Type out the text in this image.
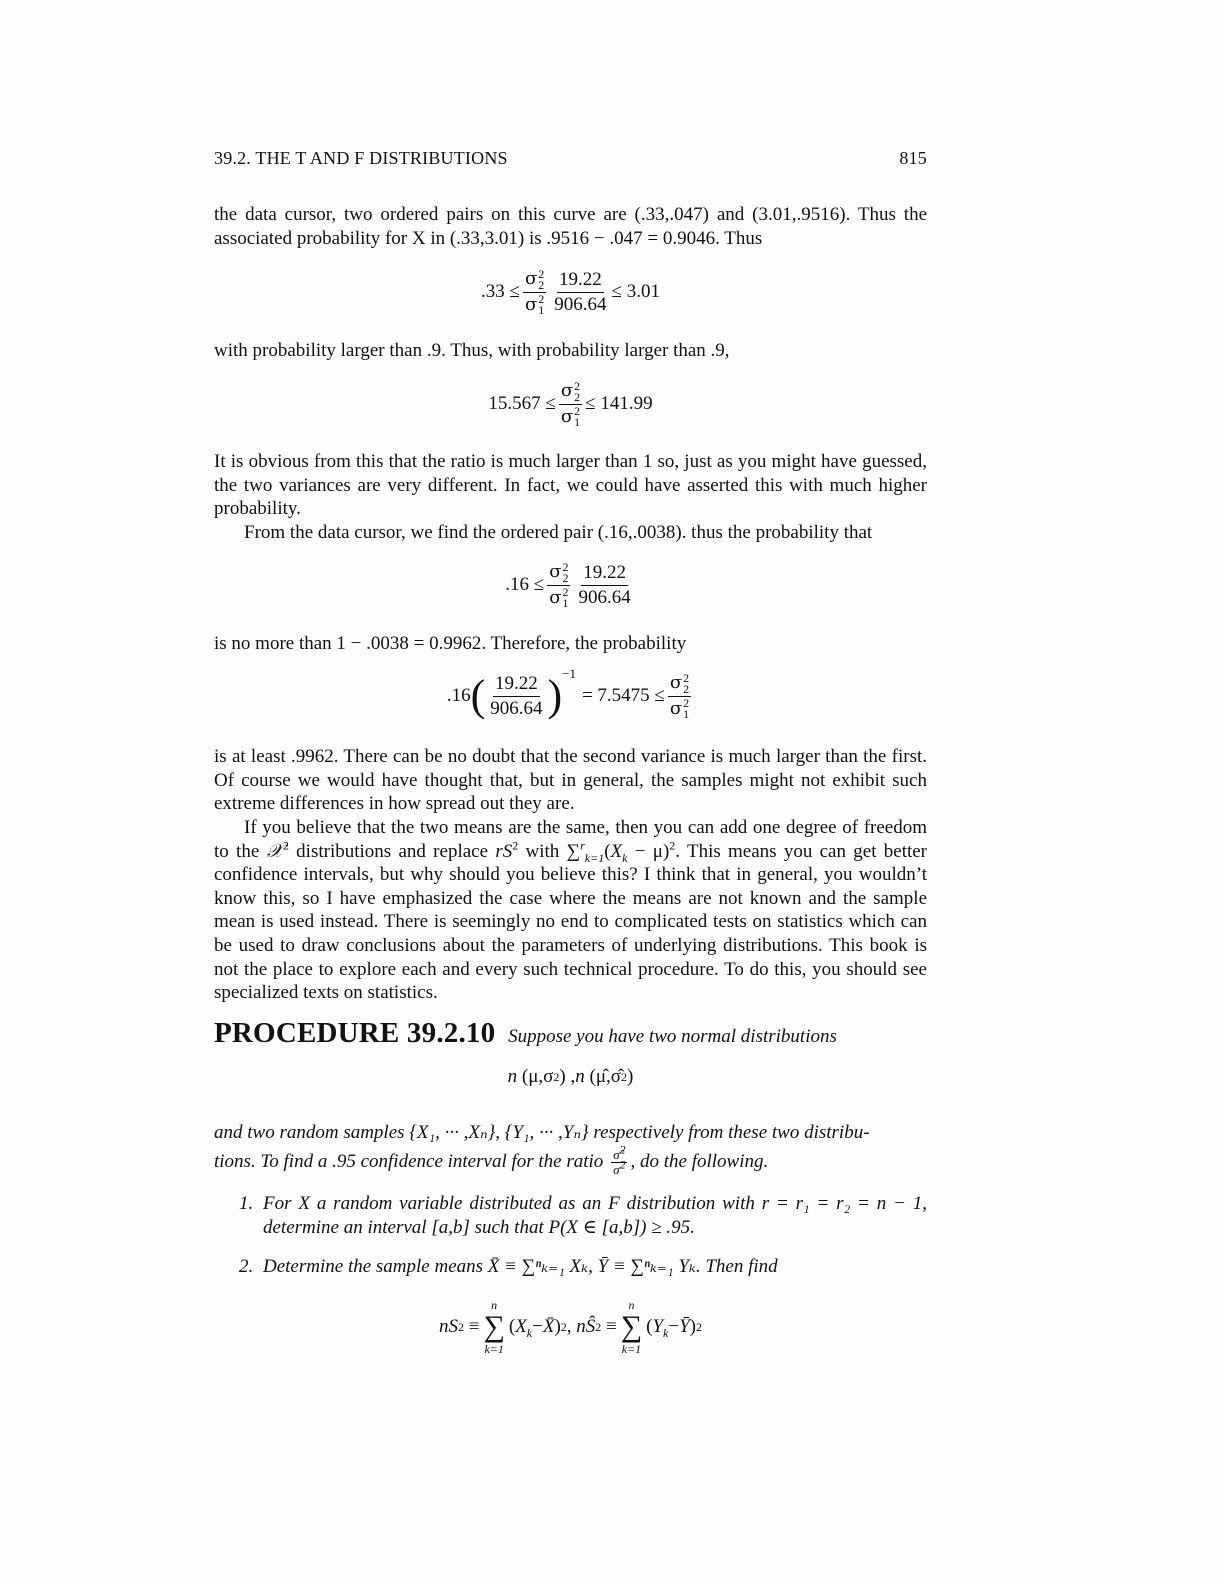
39.2. THE T AND F DISTRIBUTIONS	815
the data cursor, two ordered pairs on this curve are (.33,.047) and (3.01,.9516). Thus the associated probability for X in (.33,3.01) is .9516 − .047 = 0.9046. Thus
.33 ≤ σ 2
2
σ 2
$1 \frac{19.22}{906.64} \le 3.01$
with probability larger than .9. Thus, with probability larger than .9,
15.567 ≤ σ 2
2
σ 2
1 ≤ 141.99
It is obvious from this that the ratio is much larger than 1 so, just as you might have guessed, the two variances are very different. In fact, we could have asserted this with much higher probability.
From the data cursor, we find the ordered pair (.16,.0038). thus the probability that
.16 ≤ σ 2
2
σ 2
$1 \frac{19.22}{906.64}$
is no more than 1 − .0038 = 0.9962. Therefore, the probability
.16 ( $\frac{19.22}{906.64} )^{-1}$
= 7.5475 ≤ σ 2
2
σ 2
1
is at least .9962. There can be no doubt that the second variance is much larger than the first. Of course we would have thought that, but in general, the samples might not exhibit such extreme differences in how spread out they are.
If you believe that the two means are the same, then you can add one degree of freedom to the 𝒳$^2$ distributions and replace $rS^2$ with $\sum^r_{k=1}(X_k - \mu)^2$. This means you can get better confidence intervals, but why should you believe this? I think that in general, you wouldn’t know this, so I have emphasized the case where the means are not known and the sample mean is used instead. There is seemingly no end to complicated tests on statistics which can be used to draw conclusions about the parameters of underlying distributions. This book is not the place to explore each and every such technical procedure. To do this, you should see specialized texts on statistics.
PROCEDURE 39.2.10 Suppose you have two normal distributions
n (μ,σ 2 ) , n (μ̂,σ̂ 2 )
and two random samples {X₁, ··· ,Xₙ}, {Y₁, ··· ,Yₙ} respectively from these two distribu-
tions. To find a .95 confidence interval for the ratio $\frac{\sigmâ^2}{\sigma^2}$ , do the following.
1. For X a random variable distributed as an F distribution with r = r₁ = r₂ = n − 1, determine an interval [a,b] such that P(X ∈ [a,b]) ≥ .95.
2. Determine the sample means X̄ ≡ ∑ⁿₖ₌₁ Xₖ, Ȳ ≡ ∑ⁿₖ₌₁ Yₖ. Then find
nS 2 ≡
n
∑
k=1
( $X_k$ − X̄ ) 2 , nŜ 2 ≡
n
∑
k=1
( $Y_k$ − Ȳ ) 2
